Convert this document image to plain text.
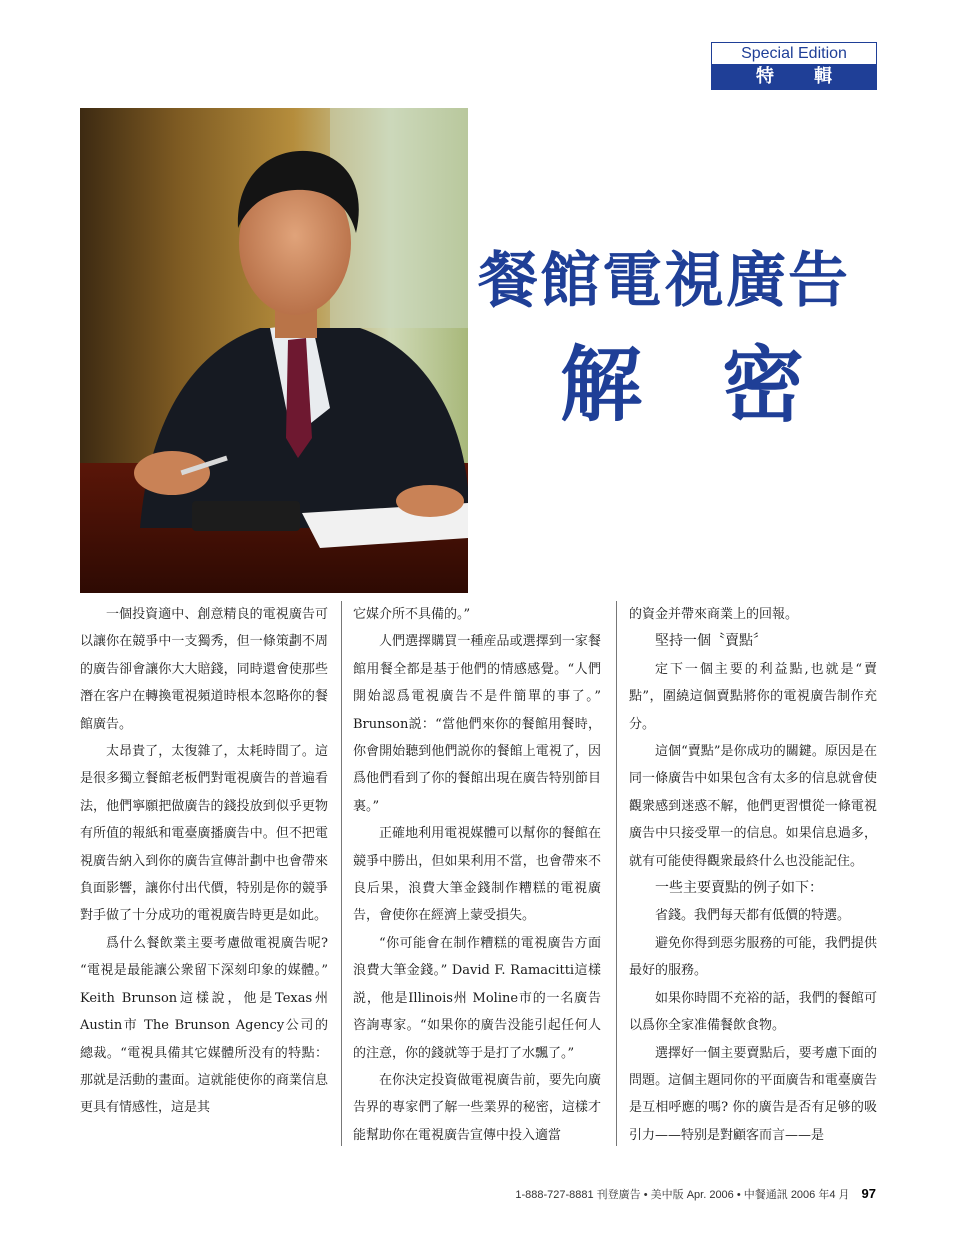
Special Edition
特輯
餐館電視廣告
解密

一個投資適中、創意精良的電視廣告可以讓你在競爭中一支獨秀，但一條策劃不周的廣告卻會讓你大大賠錢，同時還會使那些潛在客户在轉換電視頻道時根本忽略你的餐館廣告。

太昂貴了，太復雜了，太耗時間了。這是很多獨立餐館老板們對電視廣告的普遍看法，他們寧願把做廣告的錢投放到似乎更物有所值的報紙和電臺廣播廣告中。但不把電視廣告納入到你的廣告宣傳計劃中也會帶來負面影響，讓你付出代價，特别是你的競爭對手做了十分成功的電視廣告時更是如此。

爲什么餐飲業主要考慮做電視廣告呢? “電視是最能讓公衆留下深刻印象的媒體。” Keith Brunson這樣說，他是Texas州 Austin市 The Brunson Agency公司的總裁。“電視具備其它媒體所没有的特點：那就是活動的畫面。這就能使你的商業信息更具有情感性，這是其

它媒介所不具備的。”

人們選擇購買一種産品或選擇到一家餐館用餐全都是基于他們的情感感覺。“人們開始認爲電視廣告不是件簡單的事了。” Brunson説：“當他們來你的餐館用餐時，你會開始聽到他們説你的餐館上電視了，因爲他們看到了你的餐館出現在廣告特别節目裏。”

正確地利用電視媒體可以幫你的餐館在競爭中勝出，但如果利用不當，也會帶來不良后果，浪費大筆金錢制作糟糕的電視廣告，會使你在經濟上蒙受損失。

“你可能會在制作糟糕的電視廣告方面浪費大筆金錢。” David F. Ramacitti這樣説，他是Illinois州 Moline市的一名廣告咨詢專家。“如果你的廣告没能引起任何人的注意，你的錢就等于是打了水飄了。”

在你決定投資做電視廣告前，要先向廣告界的專家們了解一些業界的秘密，這樣才能幫助你在電視廣告宣傳中投入適當

的資金并帶來商業上的回報。

堅持一個〝賣點〞

定下一個主要的利益點,也就是“賣點”，圍繞這個賣點將你的電視廣告制作充分。

這個“賣點”是你成功的關鍵。原因是在同一條廣告中如果包含有太多的信息就會使觀衆感到迷惑不解，他們更習慣從一條電視廣告中只接受單一的信息。如果信息過多，就有可能使得觀衆最終什么也没能記住。

一些主要賣點的例子如下：

省錢。我們每天都有低價的特選。

避免你得到惡劣服務的可能，我們提供最好的服務。

如果你時間不充裕的話，我們的餐館可以爲你全家准備餐飲食物。

選擇好一個主要賣點后，要考慮下面的問題。這個主題同你的平面廣告和電臺廣告是互相呼應的嗎? 你的廣告是否有足够的吸引力——特别是對顧客而言——是

1-888-727-8881 刊登廣告 • 美中版 Apr. 2006 • 中餐通訊 2006 年4 月 97
